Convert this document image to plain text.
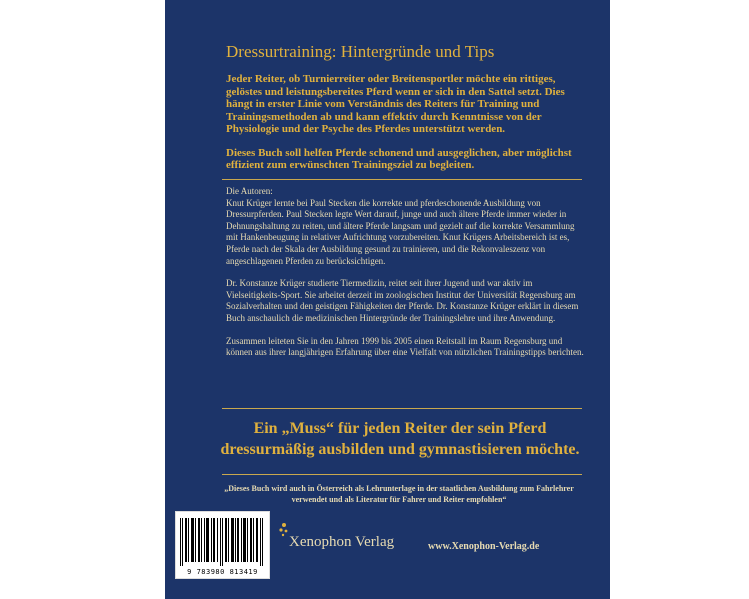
Dressurtraining: Hintergründe und Tips

Jeder Reiter, ob Turnierreiter oder Breitensportler möchte ein rittiges, gelöstes und leistungsbereites Pferd wenn er sich in den Sattel setzt. Dies hängt in erster Linie vom Verständnis des Reiters für Training und Trainingsmethoden ab und kann effektiv durch Kenntnisse von der Physiologie und der Psyche des Pferdes unterstützt werden.

Dieses Buch soll helfen Pferde schonend und ausgeglichen, aber möglichst effizient zum erwünschten Trainingsziel zu begleiten.

Die Autoren:

Knut Krüger lernte bei Paul Stecken die korrekte und pferdeschonende Ausbildung von Dressurpferden. Paul Stecken legte Wert darauf, junge und auch ältere Pferde immer wieder in Dehnungshaltung zu reiten, und ältere Pferde langsam und gezielt auf die korrekte Versammlung mit Hankenbeugung in relativer Aufrichtung vorzubereiten. Knut Krügers Arbeitsbereich ist es, Pferde nach der Skala der Ausbildung gesund zu trainieren, und die Rekonvaleszenz von angeschlagenen Pferden zu berücksichtigen.

Dr. Konstanze Krüger studierte Tiermedizin, reitet seit ihrer Jugend und war aktiv im Vielseitigkeits-Sport. Sie arbeitet derzeit im zoologischen Institut der Universität Regensburg am Sozialverhalten und den geistigen Fähigkeiten der Pferde. Dr. Konstanze Krüger erklärt in diesem Buch anschaulich die medizinischen Hintergründe der Trainingslehre und ihre Anwendung.

Zusammen leiteten Sie in den Jahren 1999 bis 2005 einen Reitstall im Raum Regensburg und können aus ihrer langjährigen Erfahrung über eine Vielfalt von nützlichen Trainingstipps berichten.

Ein „Muss“ für jeden Reiter der sein Pferd dressurmäßig ausbilden und gymnastisieren möchte.
„Dieses Buch wird auch in Österreich als Lehrunterlage in der staatlichen Ausbildung zum Fahrlehrer verwendet und als Literatur für Fahrer und Reiter empfohlen“
9 783980 813419
Xenophon Verlag	www.Xenophon-Verlag.de
